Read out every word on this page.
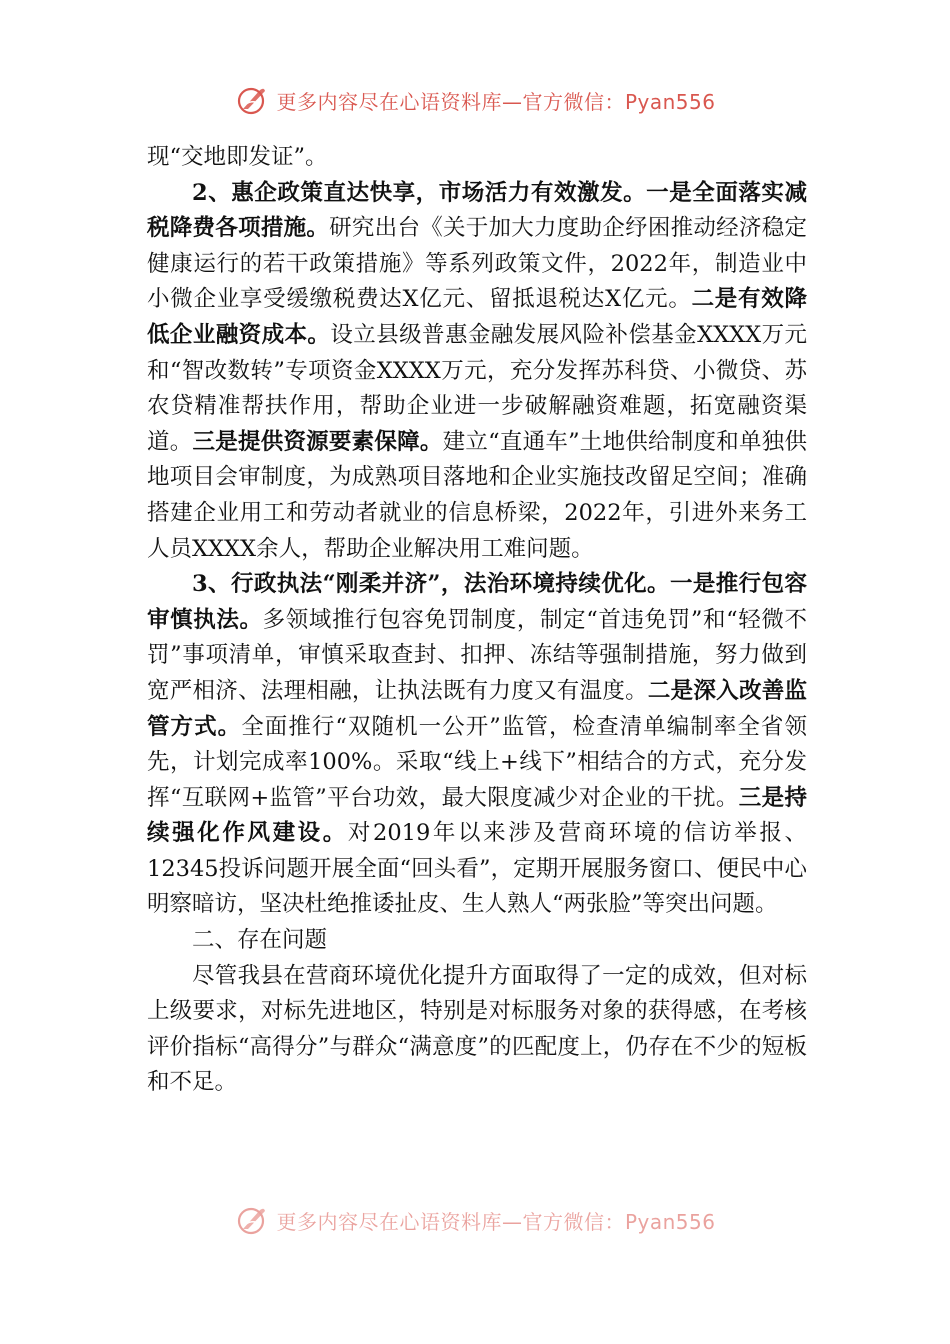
更多内容尽在心语资料库—官方微信：Pyan556

现“交地即发证”。

2、惠企政策直达快享，市场活力有效激发。一是全面落实减税降费各项措施。研究出台《关于加大力度助企纾困推动经济稳定健康运行的若干政策措施》等系列政策文件，2022年，制造业中小微企业享受缓缴税费达X亿元、留抵退税达X亿元。二是有效降低企业融资成本。设立县级普惠金融发展风险补偿基金XXXX万元和“智改数转”专项资金XXXX万元，充分发挥苏科贷、小微贷、苏农贷精准帮扶作用，帮助企业进一步破解融资难题，拓宽融资渠道。三是提供资源要素保障。建立“直通车”土地供给制度和单独供地项目会审制度，为成熟项目落地和企业实施技改留足空间；准确搭建企业用工和劳动者就业的信息桥梁，2022年，引进外来务工人员XXXX余人，帮助企业解决用工难问题。

3、行政执法“刚柔并济”，法治环境持续优化。一是推行包容审慎执法。多领域推行包容免罚制度，制定“首违免罚”和“轻微不罚”事项清单，审慎采取查封、扣押、冻结等强制措施，努力做到宽严相济、法理相融，让执法既有力度又有温度。二是深入改善监管方式。全面推行“双随机一公开”监管，检查清单编制率全省领先，计划完成率100%。采取“线上+线下”相结合的方式，充分发挥“互联网+监管”平台功效，最大限度减少对企业的干扰。三是持续强化作风建设。对2019年以来涉及营商环境的信访举报、12345投诉问题开展全面“回头看”，定期开展服务窗口、便民中心明察暗访，坚决杜绝推诿扯皮、生人熟人“两张脸”等突出问题。

二、存在问题

尽管我县在营商环境优化提升方面取得了一定的成效，但对标上级要求，对标先进地区，特别是对标服务对象的获得感，在考核评价指标“高得分”与群众“满意度”的匹配度上，仍存在不少的短板和不足。

更多内容尽在心语资料库—官方微信：Pyan556
